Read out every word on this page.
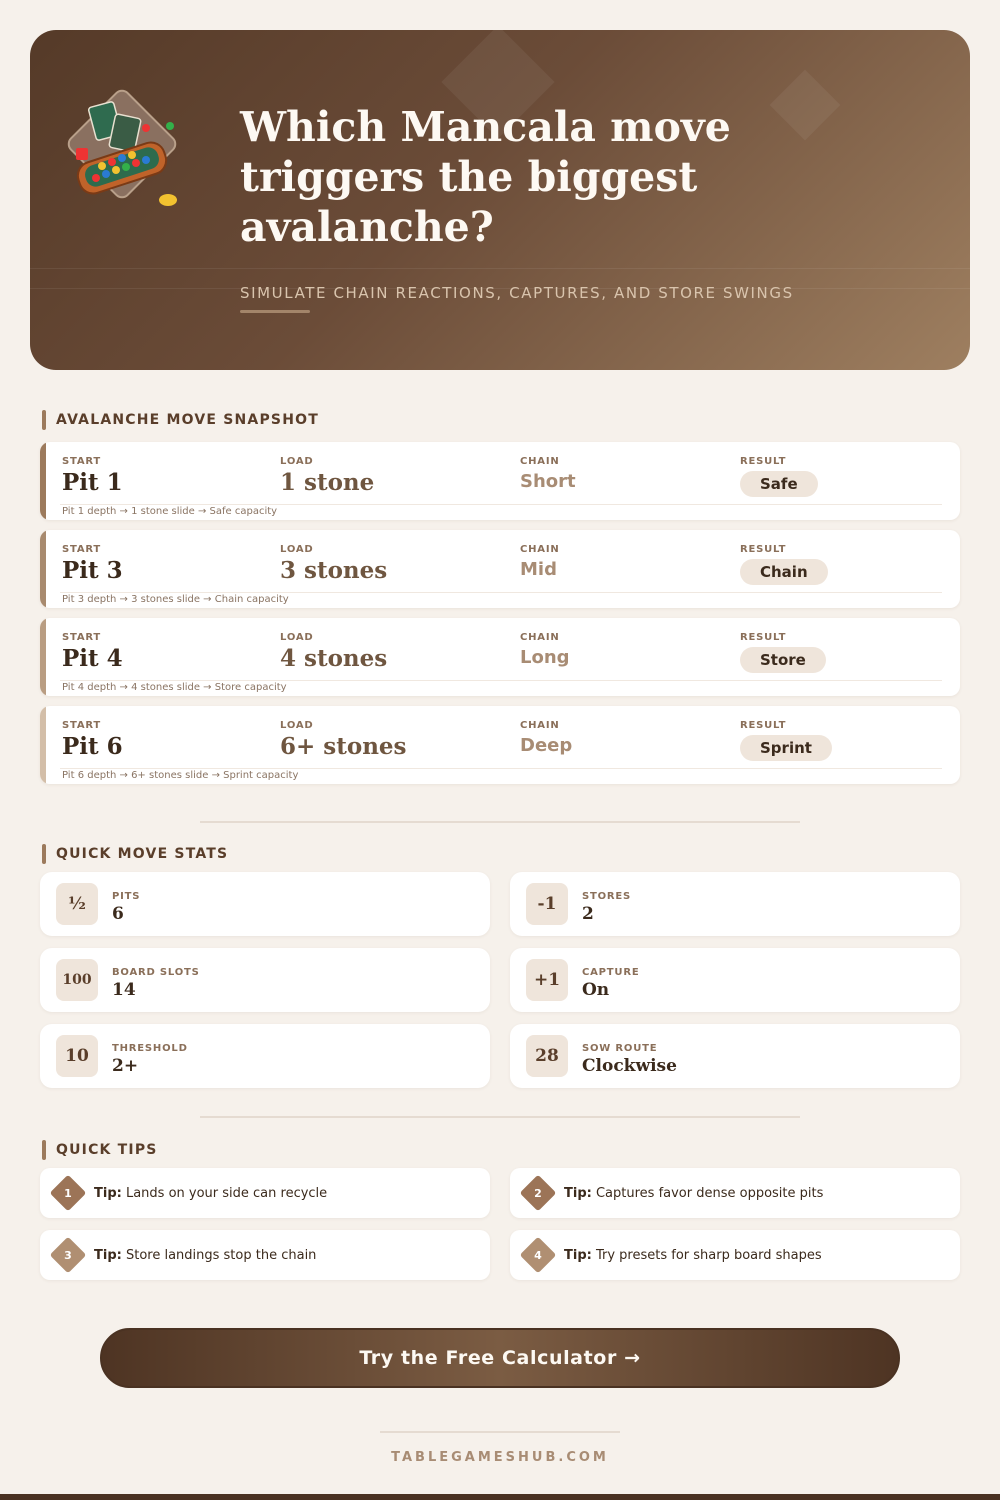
Which Mancala move triggers the biggest avalanche?
SIMULATE CHAIN REACTIONS, CAPTURES, AND STORE SWINGS
AVALANCHE MOVE SNAPSHOT
START
Pit 1
LOAD
1 stone
CHAIN
Short
RESULT
Safe
Pit 1 depth → 1 stone slide → Safe capacity
START
Pit 3
LOAD
3 stones
CHAIN
Mid
RESULT
Chain
Pit 3 depth → 3 stones slide → Chain capacity
START
Pit 4
LOAD
4 stones
CHAIN
Long
RESULT
Store
Pit 4 depth → 4 stones slide → Store capacity
START
Pit 6
LOAD
6+ stones
CHAIN
Deep
RESULT
Sprint
Pit 6 depth → 6+ stones slide → Sprint capacity
QUICK MOVE STATS
½	PITS
6	-1	STORES
2
100	BOARD SLOTS
14	+1	CAPTURE
On
10	THRESHOLD
2+	28	SOW ROUTE
Clockwise
QUICK TIPS
1	Tip: Lands on your side can recycle	2	Tip: Captures favor dense opposite pits
3	Tip: Store landings stop the chain	4	Tip: Try presets for sharp board shapes
Try the Free Calculator →
TABLEGAMESHUB.COM
